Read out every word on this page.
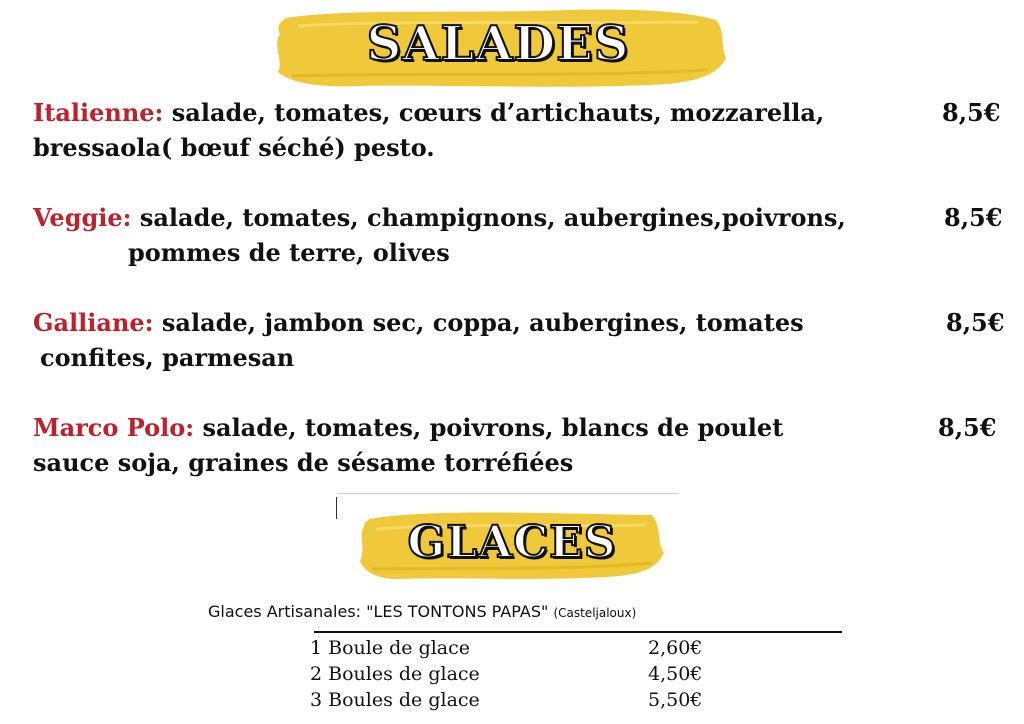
SALADES
Italienne: salade, tomates, cœurs d’artichauts, mozzarella,
bressaola( bœuf séché) pesto.
8,5€
Veggie: salade, tomates, champignons, aubergines,poivrons,
pommes de terre, olives
8,5€
Galliane: salade, jambon sec, coppa, aubergines, tomates
confites, parmesan
8,5€
Marco Polo: salade, tomates, poivrons, blancs de poulet
sauce soja, graines de sésame torréfiées
8,5€
GLACES
Glaces Artisanales: "LES TONTONS PAPAS" (Casteljaloux)
1 Boule de glace	2,60€
2 Boules de glace	4,50€
3 Boules de glace	5,50€
